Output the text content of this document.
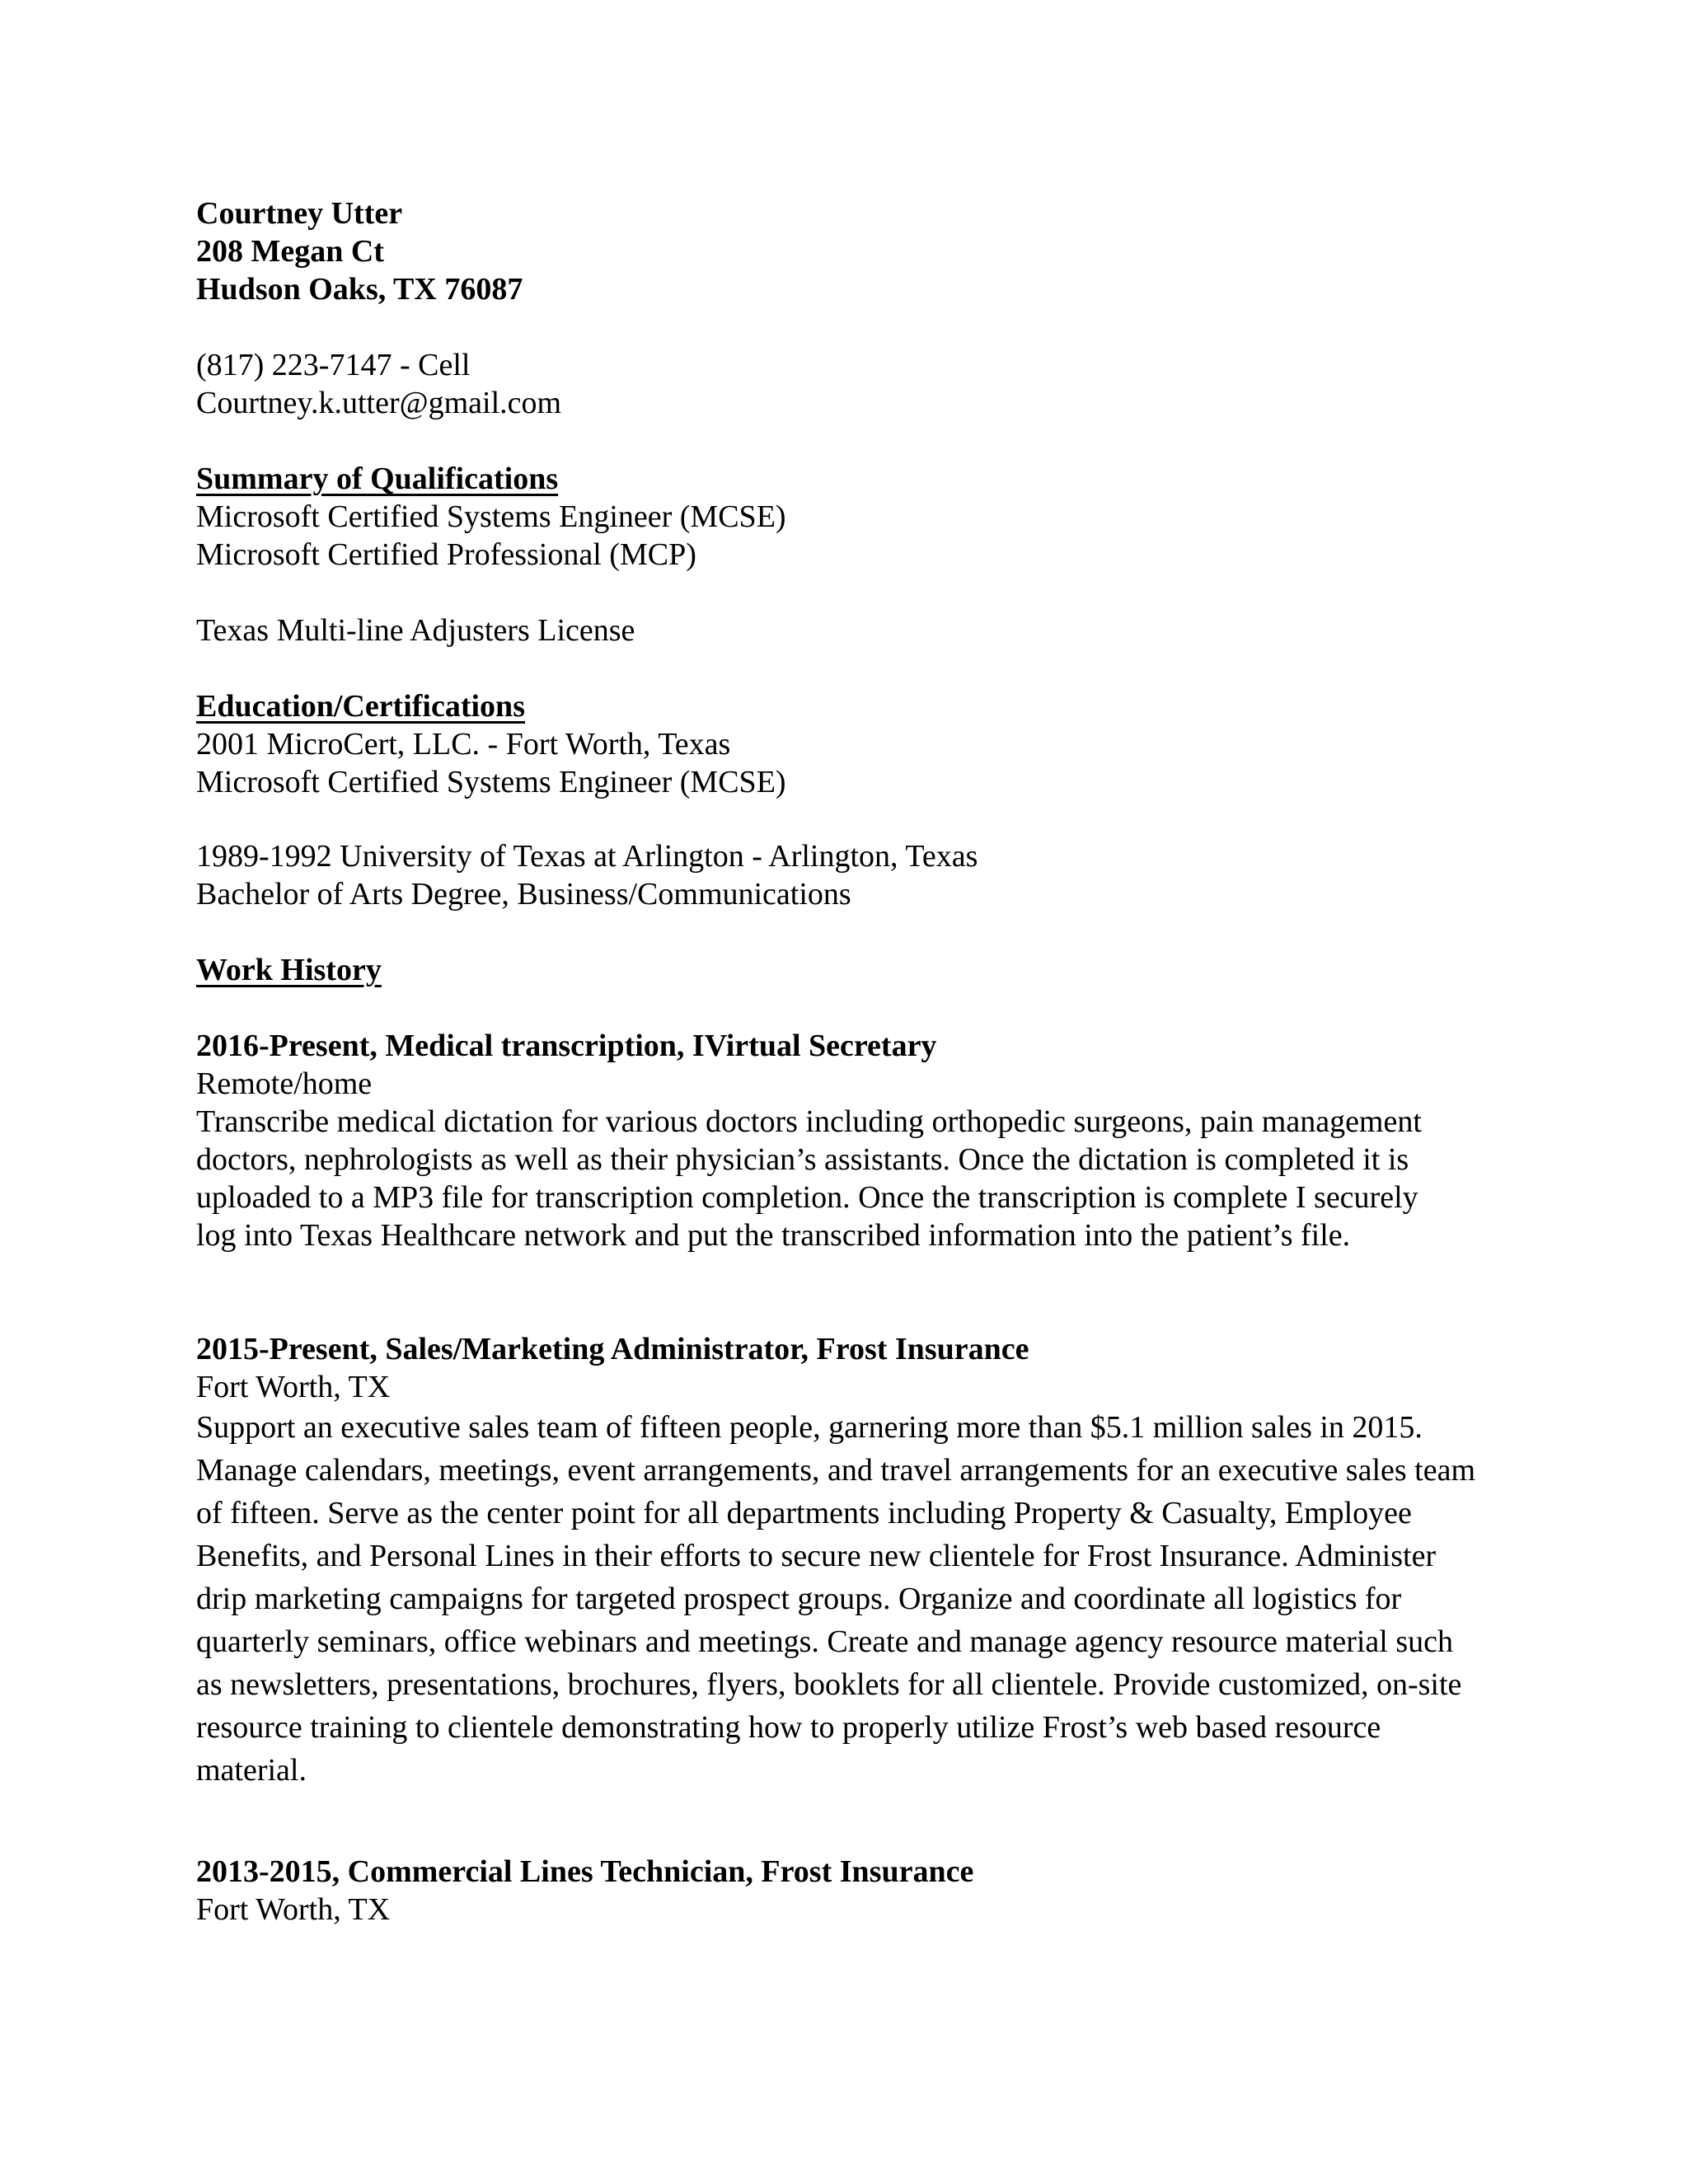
Courtney Utter
208 Megan Ct
Hudson Oaks, TX 76087
(817) 223-7147 - Cell
Courtney.k.utter@gmail.com
Summary of Qualifications
Microsoft Certified Systems Engineer (MCSE)
Microsoft Certified Professional (MCP)
Texas Multi-line Adjusters License
Education/Certifications
2001 MicroCert, LLC. - Fort Worth, Texas
Microsoft Certified Systems Engineer (MCSE)
1989-1992 University of Texas at Arlington - Arlington, Texas
Bachelor of Arts Degree, Business/Communications
Work History
2016-Present, Medical transcription, IVirtual Secretary
Remote/home
Transcribe medical dictation for various doctors including orthopedic surgeons, pain management doctors, nephrologists as well as their physician’s assistants. Once the dictation is completed it is uploaded to a MP3 file for transcription completion. Once the transcription is complete I securely log into Texas Healthcare network and put the transcribed information into the patient’s file.
2015-Present, Sales/Marketing Administrator, Frost Insurance
Fort Worth, TX
Support an executive sales team of fifteen people, garnering more than $5.1 million sales in 2015. Manage calendars, meetings, event arrangements, and travel arrangements for an executive sales team of fifteen. Serve as the center point for all departments including Property & Casualty, Employee Benefits, and Personal Lines in their efforts to secure new clientele for Frost Insurance. Administer drip marketing campaigns for targeted prospect groups. Organize and coordinate all logistics for quarterly seminars, office webinars and meetings. Create and manage agency resource material such as newsletters, presentations, brochures, flyers, booklets for all clientele. Provide customized, on-site resource training to clientele demonstrating how to properly utilize Frost’s web based resource material.
2013-2015, Commercial Lines Technician, Frost Insurance
Fort Worth, TX
